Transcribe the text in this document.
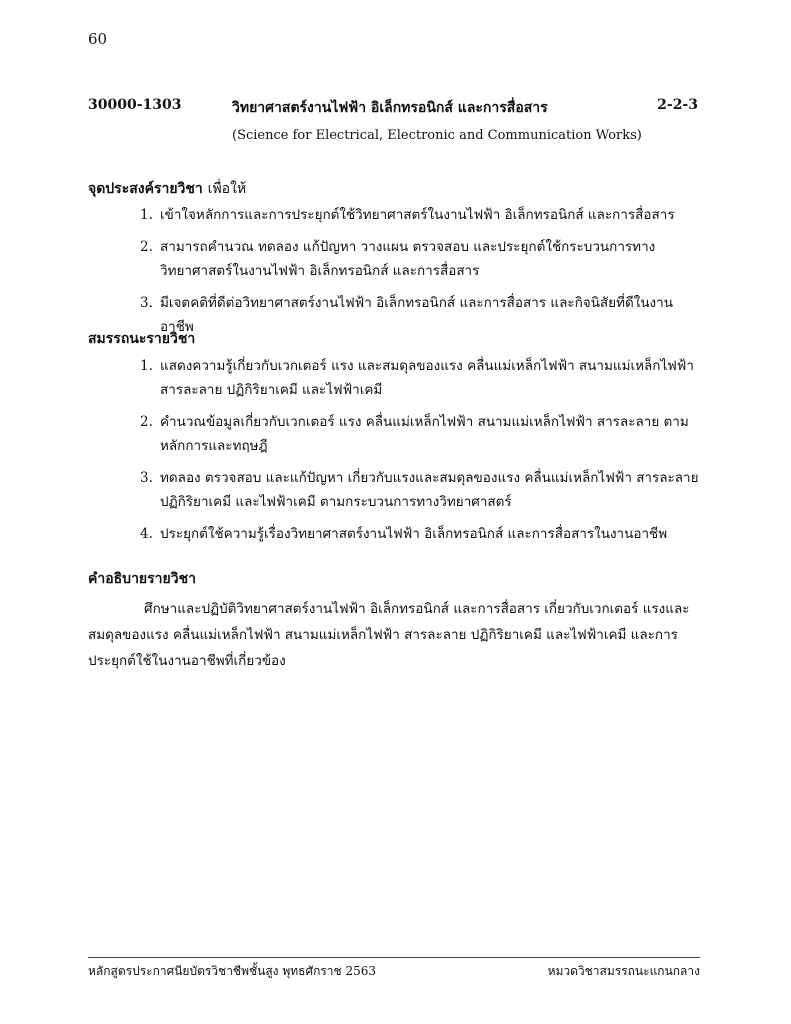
60
30000-1303	วิทยาศาสตร์งานไฟฟ้า อิเล็กทรอนิกส์ และการสื่อสาร	2-2-3
(Science for Electrical, Electronic and Communication Works)
จุดประสงค์รายวิชา เพื่อให้
1. เข้าใจหลักการและการประยุกต์ใช้วิทยาศาสตร์ในงานไฟฟ้า อิเล็กทรอนิกส์ และการสื่อสาร
2. สามารถคำนวณ ทดลอง แก้ปัญหา วางแผน ตรวจสอบ และประยุกต์ใช้กระบวนการทางวิทยาศาสตร์ในงานไฟฟ้า อิเล็กทรอนิกส์ และการสื่อสาร
3. มีเจตคติที่ดีต่อวิทยาศาสตร์งานไฟฟ้า อิเล็กทรอนิกส์ และการสื่อสาร และกิจนิสัยที่ดีในงานอาชีพ
สมรรถนะรายวิชา
1. แสดงความรู้เกี่ยวกับเวกเตอร์ แรง และสมดุลของแรง คลื่นแม่เหล็กไฟฟ้า สนามแม่เหล็กไฟฟ้า สารละลาย ปฏิกิริยาเคมี และไฟฟ้าเคมี
2. คำนวณข้อมูลเกี่ยวกับเวกเตอร์ แรง คลื่นแม่เหล็กไฟฟ้า สนามแม่เหล็กไฟฟ้า สารละลาย ตามหลักการและทฤษฎี
3. ทดลอง ตรวจสอบ และแก้ปัญหา เกี่ยวกับแรงและสมดุลของแรง คลื่นแม่เหล็กไฟฟ้า สารละลาย ปฏิกิริยาเคมี และไฟฟ้าเคมี ตามกระบวนการทางวิทยาศาสตร์
4. ประยุกต์ใช้ความรู้เรื่องวิทยาศาสตร์งานไฟฟ้า อิเล็กทรอนิกส์ และการสื่อสารในงานอาชีพ
คำอธิบายรายวิชา

ศึกษาและปฏิบัติวิทยาศาสตร์งานไฟฟ้า อิเล็กทรอนิกส์ และการสื่อสาร เกี่ยวกับเวกเตอร์ แรงและสมดุลของแรง คลื่นแม่เหล็กไฟฟ้า สนามแม่เหล็กไฟฟ้า สารละลาย ปฏิกิริยาเคมี และไฟฟ้าเคมี และการประยุกต์ใช้ในงานอาชีพที่เกี่ยวข้อง

หลักสูตรประกาศนียบัตรวิชาชีพชั้นสูง พุทธศักราช 2563	หมวดวิชาสมรรถนะแกนกลาง
